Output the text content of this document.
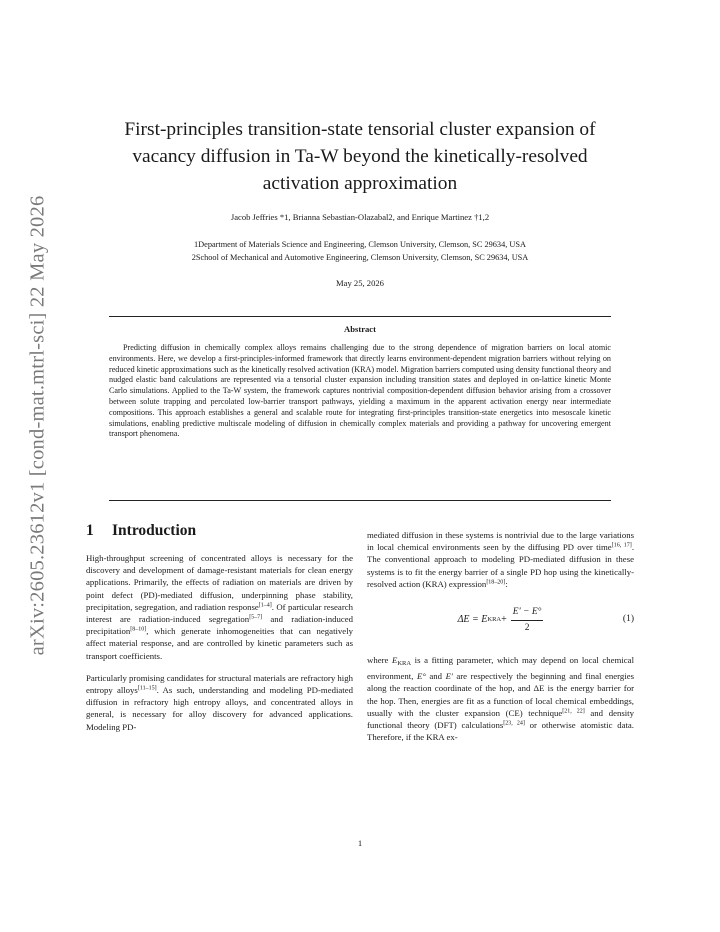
arXiv:2605.23612v1 [cond-mat.mtrl-sci] 22 May 2026
First-principles transition-state tensorial cluster expansion of vacancy diffusion in Ta-W beyond the kinetically-resolved activation approximation
Jacob Jeffries *1, Brianna Sebastian-Olazabal2, and Enrique Martinez †1,2
1Department of Materials Science and Engineering, Clemson University, Clemson, SC 29634, USA
2School of Mechanical and Automotive Engineering, Clemson University, Clemson, SC 29634, USA
May 25, 2026
Abstract
Predicting diffusion in chemically complex alloys remains challenging due to the strong dependence of migration barriers on local atomic environments. Here, we develop a first-principles-informed framework that directly learns environment-dependent migration barriers without relying on reduced kinetic approximations such as the kinetically resolved activation (KRA) model. Migration barriers computed using density functional theory and nudged elastic band calculations are represented via a tensorial cluster expansion including transition states and deployed in on-lattice kinetic Monte Carlo simulations. Applied to the Ta-W system, the framework captures nontrivial composition-dependent diffusion behavior arising from a crossover between solute trapping and percolated low-barrier transport pathways, yielding a maximum in the apparent activation energy near intermediate compositions. This approach establishes a general and scalable route for integrating first-principles transition-state energetics into mesoscale kinetic simulations, enabling predictive multiscale modeling of diffusion in chemically complex materials and providing a pathway for uncovering emergent transport phenomena.
1 Introduction

High-throughput screening of concentrated alloys is necessary for the discovery and development of damage-resistant materials for clean energy applications. Primarily, the effects of radiation on materials are driven by point defect (PD)-mediated diffusion, underpinning phase stability, precipitation, segregation, and radiation response[1–4]. Of particular research interest are radiation-induced segregation[5–7] and radiation-induced precipitation[8–10], which generate inhomogeneities that can negatively affect material response, and are controlled by kinetic parameters such as transport coefficients.

Particularly promising candidates for structural materials are refractory high entropy alloys[11–15]. As such, understanding and modeling PD-mediated diffusion in refractory high entropy alloys, and concentrated alloys in general, is necessary for alloy discovery for advanced applications. Modeling PD-

mediated diffusion in these systems is nontrivial due to the large variations in local chemical environments seen by the diffusing PD over time[16, 17]. The conventional approach to modeling PD-mediated diffusion in these systems is to fit the energy barrier of a single PD hop using the kinetically-resolved action (KRA) expression[18–20]:

ΔE = E KRA + $\frac{E' - E^\circ}{2}$	(1)

where $E_{KRA}$ is a fitting parameter, which may depend on local chemical environment, E° and E′ are respectively the beginning and final energies along the reaction coordinate of the hop, and ΔE is the energy barrier for the hop. Then, energies are fit as a function of local chemical embeddings, usually with the cluster expansion (CE) technique[21, 22] and density functional theory (DFT) calculations[23, 24] or otherwise atomistic data. Therefore, if the KRA ex-

1
